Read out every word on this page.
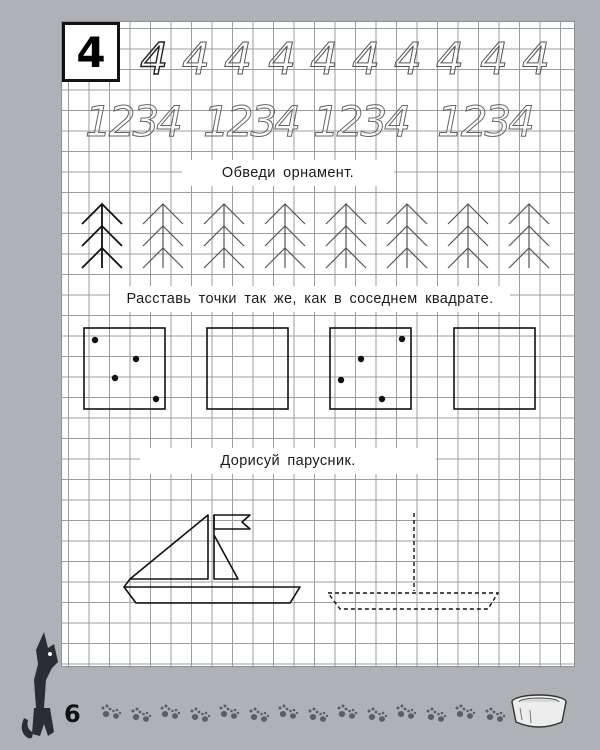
4 4 4 4 4 4 4 4 4 4 4
1234 1234 1234 1234
Обведи орнамент.
Расставь точки так же, как в соседнем квадрате.
Дорисуй парусник.
6
